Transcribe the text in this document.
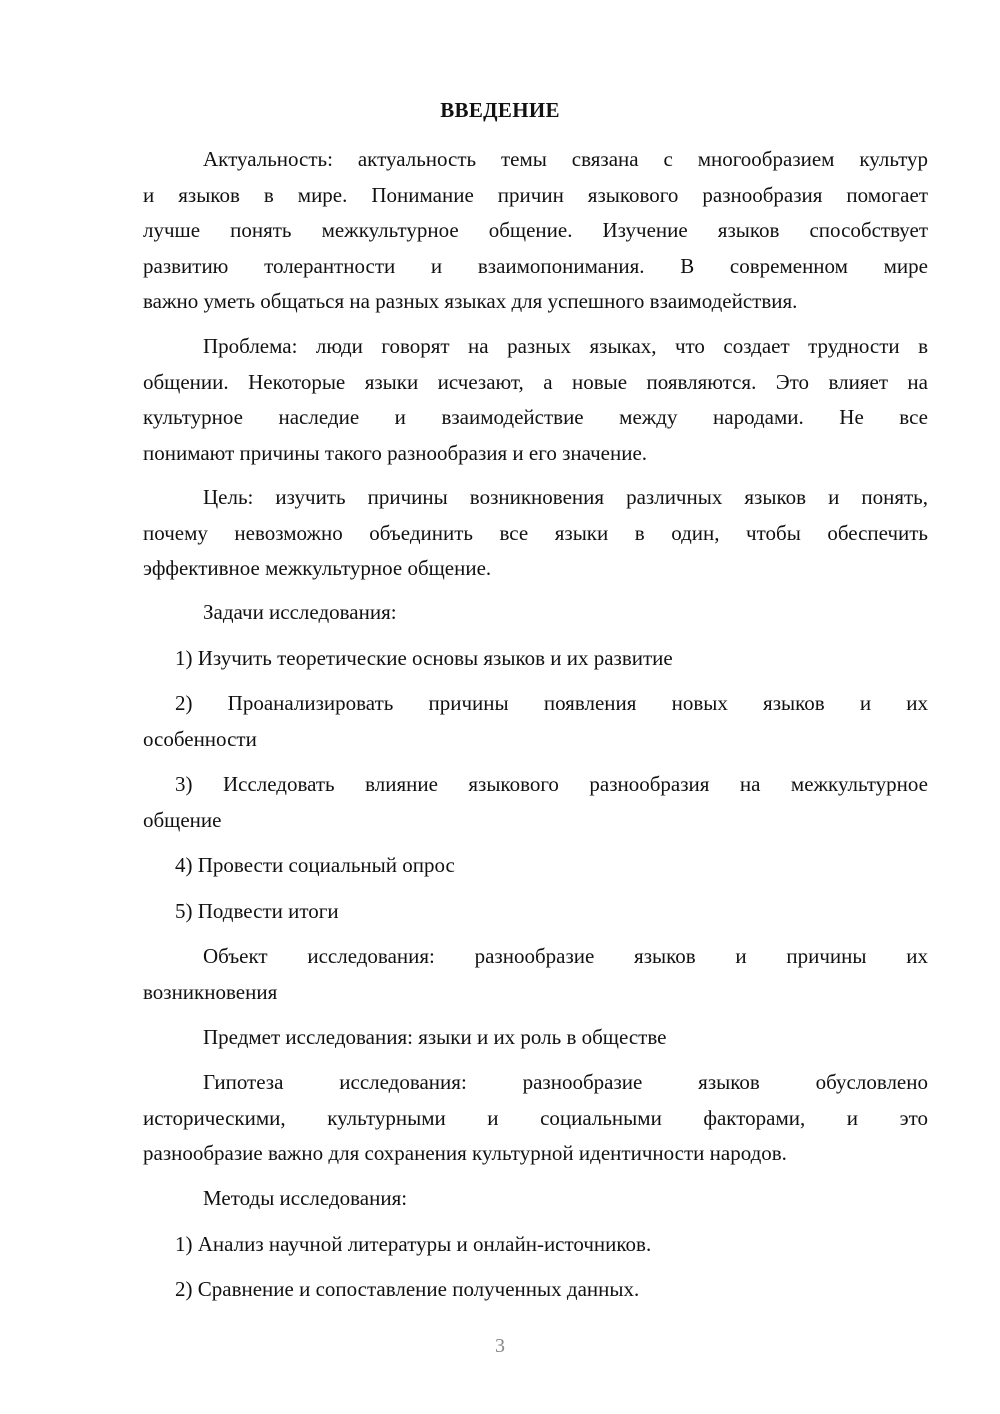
ВВЕДЕНИЕ
Актуальность: актуальность темы связана с многообразием культур
и языков в мире. Понимание причин языкового разнообразия помогает
лучше понять межкультурное общение. Изучение языков способствует
развитию толерантности и взаимопонимания. В современном мире
важно уметь общаться на разных языках для успешного взаимодействия.
Проблема: люди говорят на разных языках, что создает трудности в
общении. Некоторые языки исчезают, а новые появляются. Это влияет на
культурное наследие и взаимодействие между народами. Не все
понимают причины такого разнообразия и его значение.
Цель: изучить причины возникновения различных языков и понять,
почему невозможно объединить все языки в один, чтобы обеспечить
эффективное межкультурное общение.
Задачи исследования:
1) Изучить теоретические основы языков и их развитие
2) Проанализировать причины появления новых языков и их
особенности
3) Исследовать влияние языкового разнообразия на межкультурное
общение
4) Провести социальный опрос
5) Подвести итоги
Объект исследования: разнообразие языков и причины их
возникновения
Предмет исследования: языки и их роль в обществе
Гипотеза исследования: разнообразие языков обусловлено
историческими, культурными и социальными факторами, и это
разнообразие важно для сохранения культурной идентичности народов.
Методы исследования:
1) Анализ научной литературы и онлайн-источников.
2) Сравнение и сопоставление полученных данных.
3
